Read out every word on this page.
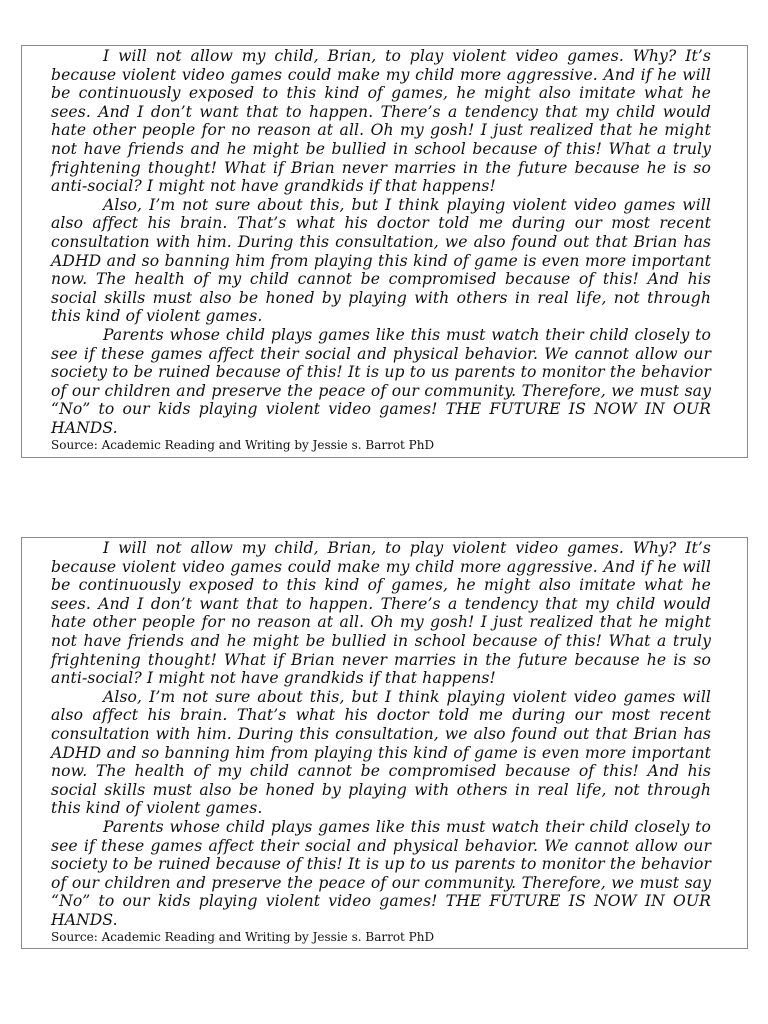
I will not allow my child, Brian, to play violent video games. Why? It’s because violent video games could make my child more aggressive. And if he will be continuously exposed to this kind of games, he might also imitate what he sees. And I don’t want that to happen. There’s a tendency that my child would hate other people for no reason at all. Oh my gosh! I just realized that he might not have friends and he might be bullied in school because of this! What a truly frightening thought! What if Brian never marries in the future because he is so anti-social? I might not have grandkids if that happens!

Also, I’m not sure about this, but I think playing violent video games will also affect his brain. That’s what his doctor told me during our most recent consultation with him. During this consultation, we also found out that Brian has ADHD and so banning him from playing this kind of game is even more important now. The health of my child cannot be compromised because of this! And his social skills must also be honed by playing with others in real life, not through this kind of violent games.

Parents whose child plays games like this must watch their child closely to see if these games affect their social and physical behavior. We cannot allow our society to be ruined because of this! It is up to us parents to monitor the behavior of our children and preserve the peace of our community. Therefore, we must say “No” to our kids playing violent video games! THE FUTURE IS NOW IN OUR HANDS.

Source: Academic Reading and Writing by Jessie s. Barrot PhD

I will not allow my child, Brian, to play violent video games. Why? It’s because violent video games could make my child more aggressive. And if he will be continuously exposed to this kind of games, he might also imitate what he sees. And I don’t want that to happen. There’s a tendency that my child would hate other people for no reason at all. Oh my gosh! I just realized that he might not have friends and he might be bullied in school because of this! What a truly frightening thought! What if Brian never marries in the future because he is so anti-social? I might not have grandkids if that happens!

Also, I’m not sure about this, but I think playing violent video games will also affect his brain. That’s what his doctor told me during our most recent consultation with him. During this consultation, we also found out that Brian has ADHD and so banning him from playing this kind of game is even more important now. The health of my child cannot be compromised because of this! And his social skills must also be honed by playing with others in real life, not through this kind of violent games.

Parents whose child plays games like this must watch their child closely to see if these games affect their social and physical behavior. We cannot allow our society to be ruined because of this! It is up to us parents to monitor the behavior of our children and preserve the peace of our community. Therefore, we must say “No” to our kids playing violent video games! THE FUTURE IS NOW IN OUR HANDS.

Source: Academic Reading and Writing by Jessie s. Barrot PhD
